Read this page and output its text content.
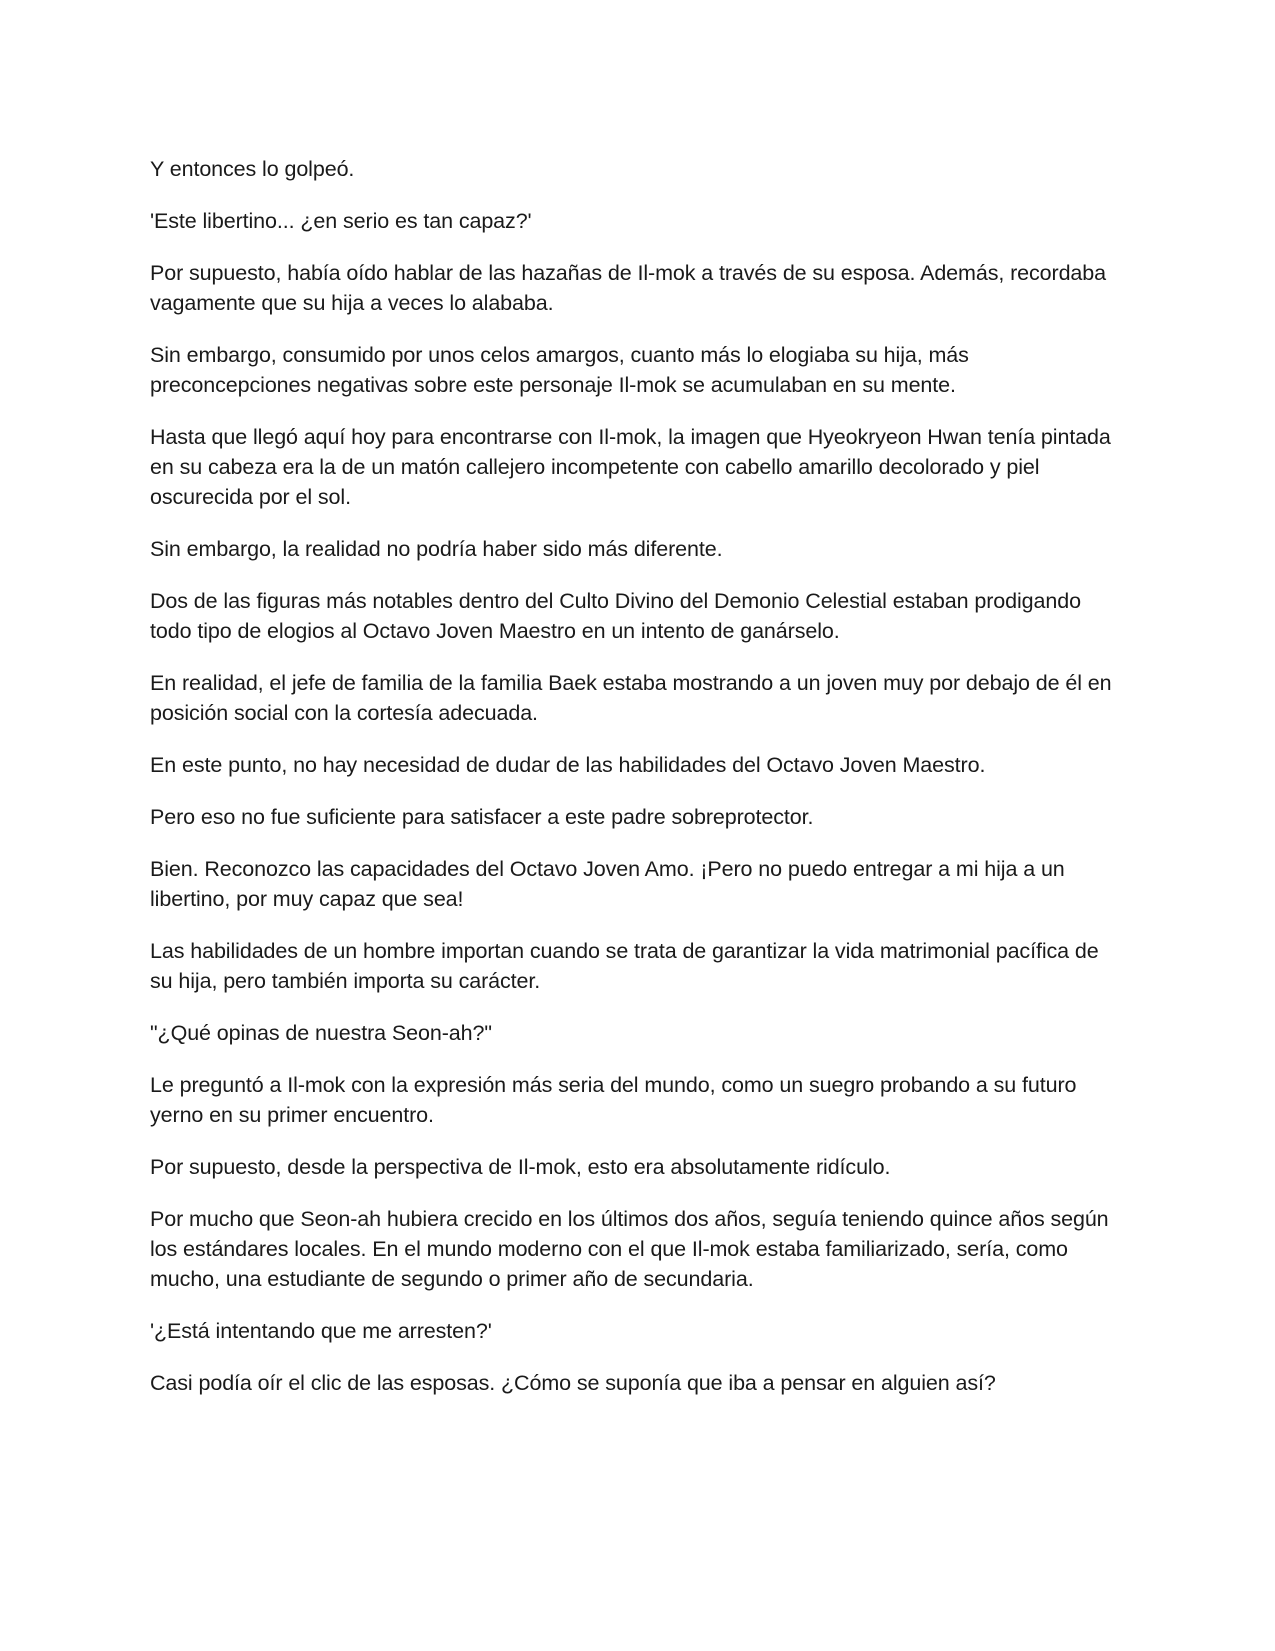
Y entonces lo golpeó.

'Este libertino... ¿en serio es tan capaz?'

Por supuesto, había oído hablar de las hazañas de Il-mok a través de su esposa. Además, recordaba vagamente que su hija a veces lo alababa.

Sin embargo, consumido por unos celos amargos, cuanto más lo elogiaba su hija, más preconcepciones negativas sobre este personaje Il-mok se acumulaban en su mente.

Hasta que llegó aquí hoy para encontrarse con Il-mok, la imagen que Hyeokryeon Hwan tenía pintada en su cabeza era la de un matón callejero incompetente con cabello amarillo decolorado y piel oscurecida por el sol.

Sin embargo, la realidad no podría haber sido más diferente.

Dos de las figuras más notables dentro del Culto Divino del Demonio Celestial estaban prodigando todo tipo de elogios al Octavo Joven Maestro en un intento de ganárselo.

En realidad, el jefe de familia de la familia Baek estaba mostrando a un joven muy por debajo de él en posición social con la cortesía adecuada.

En este punto, no hay necesidad de dudar de las habilidades del Octavo Joven Maestro.

Pero eso no fue suficiente para satisfacer a este padre sobreprotector.

Bien. Reconozco las capacidades del Octavo Joven Amo. ¡Pero no puedo entregar a mi hija a un libertino, por muy capaz que sea!

Las habilidades de un hombre importan cuando se trata de garantizar la vida matrimonial pacífica de su hija, pero también importa su carácter.

"¿Qué opinas de nuestra Seon-ah?"

Le preguntó a Il-mok con la expresión más seria del mundo, como un suegro probando a su futuro yerno en su primer encuentro.

Por supuesto, desde la perspectiva de Il-mok, esto era absolutamente ridículo.

Por mucho que Seon-ah hubiera crecido en los últimos dos años, seguía teniendo quince años según los estándares locales. En el mundo moderno con el que Il-mok estaba familiarizado, sería, como mucho, una estudiante de segundo o primer año de secundaria.

'¿Está intentando que me arresten?'

Casi podía oír el clic de las esposas. ¿Cómo se suponía que iba a pensar en alguien así?
